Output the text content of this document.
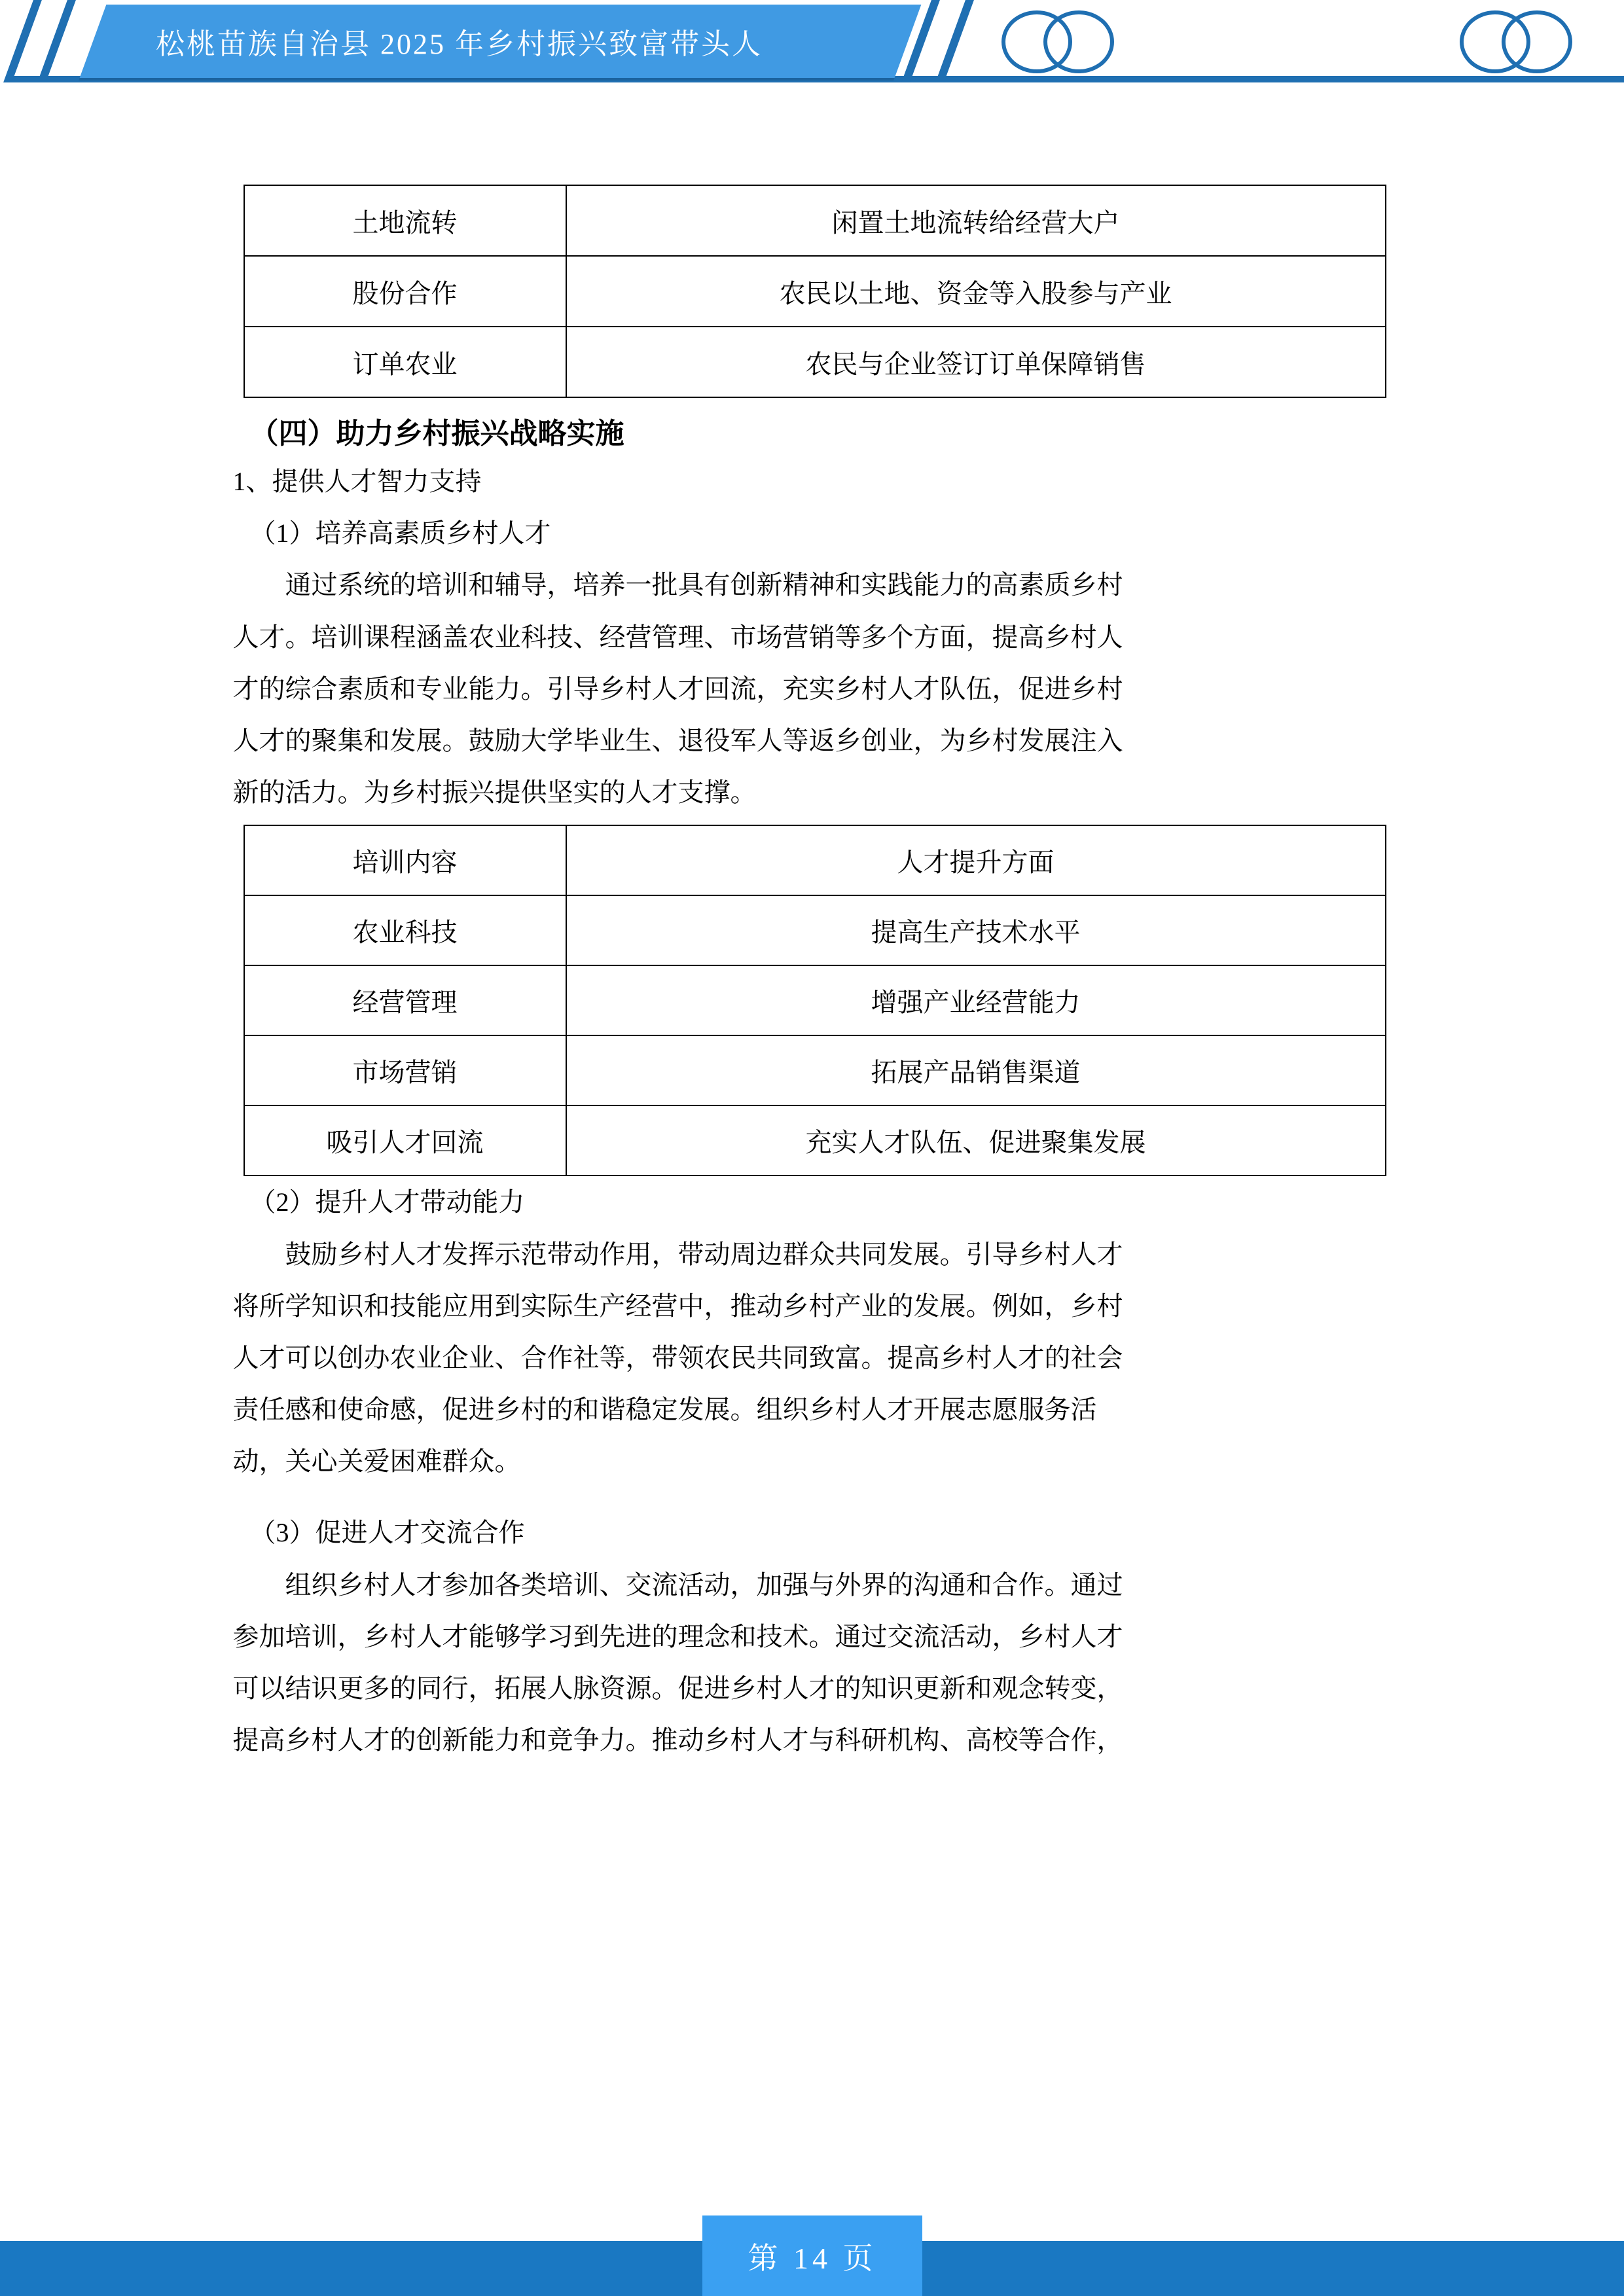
松桃苗族自治县 2025 年乡村振兴致富带头人
土地流转	闲置土地流转给经营大户
股份合作	农民以土地、资金等入股参与产业
订单农业	农民与企业签订订单保障销售
（四）助力乡村振兴战略实施

1、提供人才智力支持

（1）培养高素质乡村人才

　　通过系统的培训和辅导，培养一批具有创新精神和实践能力的高素质乡村

人才。培训课程涵盖农业科技、经营管理、市场营销等多个方面，提高乡村人

才的综合素质和专业能力。引导乡村人才回流，充实乡村人才队伍，促进乡村

人才的聚集和发展。鼓励大学毕业生、退役军人等返乡创业，为乡村发展注入

新的活力。为乡村振兴提供坚实的人才支撑。

培训内容	人才提升方面
农业科技	提高生产技术水平
经营管理	增强产业经营能力
市场营销	拓展产品销售渠道
吸引人才回流	充实人才队伍、促进聚集发展

（2）提升人才带动能力

　　鼓励乡村人才发挥示范带动作用，带动周边群众共同发展。引导乡村人才

将所学知识和技能应用到实际生产经营中，推动乡村产业的发展。例如，乡村

人才可以创办农业企业、合作社等，带领农民共同致富。提高乡村人才的社会

责任感和使命感，促进乡村的和谐稳定发展。组织乡村人才开展志愿服务活

动，关心关爱困难群众。

（3）促进人才交流合作

　　组织乡村人才参加各类培训、交流活动，加强与外界的沟通和合作。通过

参加培训，乡村人才能够学习到先进的理念和技术。通过交流活动，乡村人才

可以结识更多的同行，拓展人脉资源。促进乡村人才的知识更新和观念转变，

提高乡村人才的创新能力和竞争力。推动乡村人才与科研机构、高校等合作，

第 14 页
